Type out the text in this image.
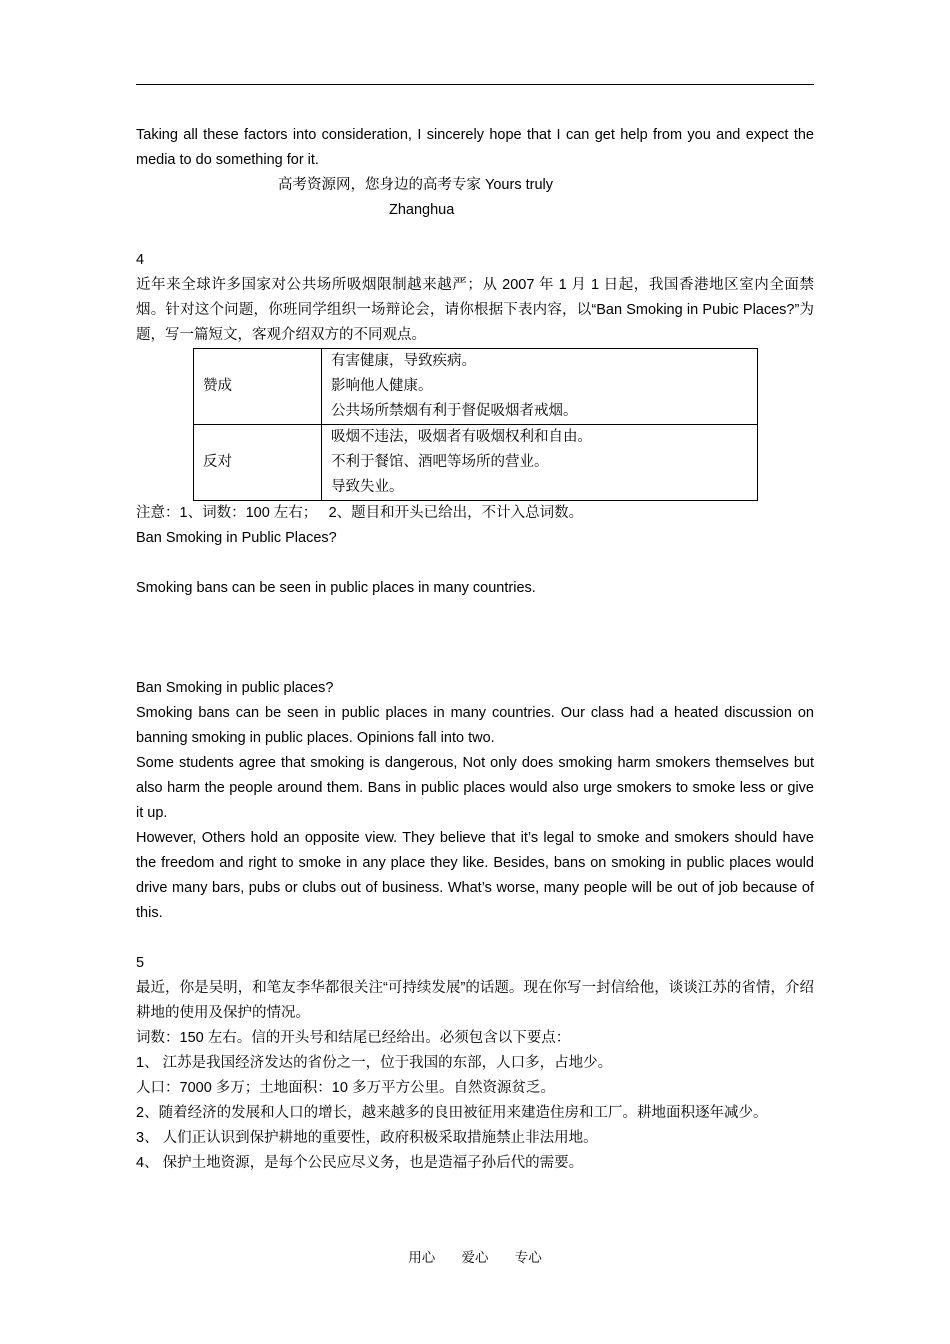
Taking all these factors into consideration, I sincerely hope that I can get help from you and expect the media to do something for it.

高考资源网，您身边的高考专家 Yours truly

Zhanghua

4

近年来全球许多国家对公共场所吸烟限制越来越严；从 2007 年 1 月 1 日起，我国香港地区室内全面禁烟。针对这个问题，你班同学组织一场辩论会，请你根据下表内容，以“Ban Smoking in Pubic Places?”为题，写一篇短文，客观介绍双方的不同观点。

赞成	有害健康，导致疾病。
影响他人健康。
公共场所禁烟有利于督促吸烟者戒烟。

反对	吸烟不违法，吸烟者有吸烟权利和自由。
不利于餐馆、酒吧等场所的营业。
导致失业。

注意：1、词数：100 左右；　 2、题目和开头已给出，不计入总词数。

Ban Smoking in Public Places?

Smoking bans can be seen in public places in many countries.

Ban Smoking in public places?

Smoking bans can be seen in public places in many countries. Our class had a heated discussion on banning smoking in public places. Opinions fall into two.

Some students agree that smoking is dangerous, Not only does smoking harm smokers themselves but also harm the people around them. Bans in public places would also urge smokers to smoke less or give it up.

However, Others hold an opposite view. They believe that it’s legal to smoke and smokers should have the freedom and right to smoke in any place they like. Besides, bans on smoking in public places would drive many bars, pubs or clubs out of business. What’s worse, many people will be out of job because of this.

5

最近，你是吴明，和笔友李华都很关注“可持续发展”的话题。现在你写一封信给他，谈谈江苏的省情，介绍耕地的使用及保护的情况。

词数：150 左右。信的开头号和结尾已经给出。必须包含以下要点：

1、 江苏是我国经济发达的省份之一，位于我国的东部，人口多，占地少。

人口：7000 多万；土地面积：10 多万平方公里。自然资源贫乏。

2、随着经济的发展和人口的增长，越来越多的良田被征用来建造住房和工厂。耕地面积逐年减少。

3、 人们正认识到保护耕地的重要性，政府积极采取措施禁止非法用地。

4、 保护土地资源，是每个公民应尽义务，也是造福子孙后代的需要。

用心 爱心 专心
